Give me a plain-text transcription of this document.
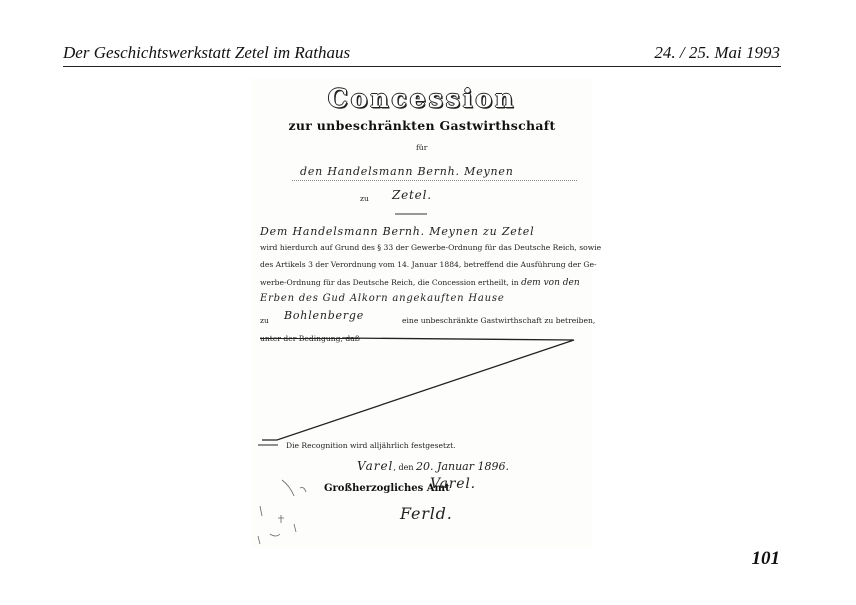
Der Geschichtswerkstatt Zetel im Rathaus	24. / 25. Mai 1993
Concession
zur unbeschränkten Gastwirthschaft
für
den Handelsmann Bernh. Meynen
zu Zetel.
Dem Handelsmann Bernh. Meynen zu Zetel
wird hierdurch auf Grund des § 33 der Gewerbe-Ordnung für das Deutsche Reich, sowie
des Artikels 3 der Verordnung vom 14. Januar 1884, betreffend die Ausführung der Ge-
werbe-Ordnung für das Deutsche Reich, die Concession ertheilt, in dem von den
Erben des Gud Alkorn angekauften Hause
zu Bohlenberge	eine unbeschränkte Gastwirthschaft zu betreiben,
unter der Bedingung, daß
Die Recognition wird alljährlich festgesetzt.
Varel, den 20. Januar 1896.
Großherzogliches Amt
Varel.
Ferld.
101
